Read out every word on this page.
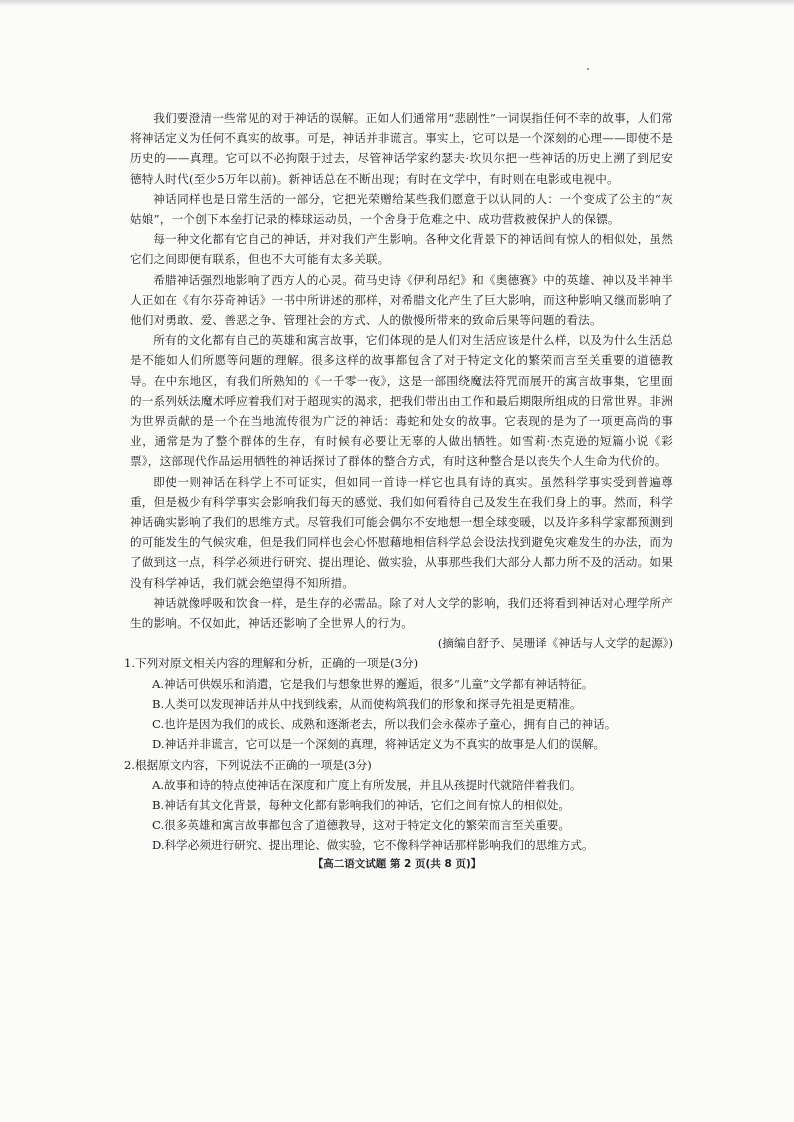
我们要澄清一些常见的对于神话的误解。正如人们通常用“悲剧性”一词误指任何不幸的故事，人们常将神话定义为任何不真实的故事。可是，神话并非谎言。事实上，它可以是一个深刻的心理——即使不是历史的——真理。它可以不必拘限于过去，尽管神话学家约瑟夫·坎贝尔把一些神话的历史上溯了到尼安德特人时代(至少5万年以前)。新神话总在不断出现；有时在文学中，有时则在电影或电视中。

神话同样也是日常生活的一部分，它把光荣赠给某些我们愿意于以认同的人：一个变成了公主的“灰姑娘”，一个创下本垒打记录的棒球运动员，一个舍身于危难之中、成功营救被保护人的保镖。

每一种文化都有它自己的神话，并对我们产生影响。各种文化背景下的神话间有惊人的相似处，虽然它们之间即便有联系，但也不大可能有太多关联。

希腊神话强烈地影响了西方人的心灵。荷马史诗《伊利昂纪》和《奥德赛》中的英雄、神以及半神半人正如在《有尔芬奇神话》一书中所讲述的那样，对希腊文化产生了巨大影响，而这种影响又继而影响了他们对勇敢、爱、善恶之争、管理社会的方式、人的傲慢所带来的致命后果等问题的看法。

所有的文化都有自己的英雄和寓言故事，它们体现的是人们对生活应该是什么样，以及为什么生活总是不能如人们所愿等问题的理解。很多这样的故事都包含了对于特定文化的繁荣而言至关重要的道德教导。在中东地区，有我们所熟知的《一千零一夜》，这是一部围绕魔法符咒而展开的寓言故事集，它里面的一系列妖法魔术呼应着我们对于超现实的渴求，把我们带出由工作和最后期限所组成的日常世界。非洲为世界贡献的是一个在当地流传很为广泛的神话：毒蛇和处女的故事。它表现的是为了一项更高尚的事业，通常是为了整个群体的生存，有时候有必要让无辜的人做出牺牲。如雪莉·杰克逊的短篇小说《彩票》，这部现代作品运用牺牲的神话探讨了群体的整合方式，有时这种整合是以丧失个人生命为代价的。

即使一则神话在科学上不可证实，但如同一首诗一样它也具有诗的真实。虽然科学事实受到普遍尊重，但是极少有科学事实会影响我们每天的感觉、我们如何看待自己及发生在我们身上的事。然而，科学神话确实影响了我们的思维方式。尽管我们可能会偶尔不安地想一想全球变暖，以及许多科学家都预测到的可能发生的气候灾难，但是我们同样也会心怀慰藉地相信科学总会设法找到避免灾难发生的办法，而为了做到这一点，科学必须进行研究、提出理论、做实验，从事那些我们大部分人都力所不及的活动。如果没有科学神话，我们就会绝望得不知所措。

神话就像呼吸和饮食一样，是生存的必需品。除了对人文学的影响，我们还将看到神话对心理学所产生的影响。不仅如此，神话还影响了全世界人的行为。

(摘编自舒予、吴珊译《神话与人文学的起源》)

1.下列对原文相关内容的理解和分析，正确的一项是(3分)

A.神话可供娱乐和消遣，它是我们与想象世界的邂逅，很多“儿童”文学都有神话特征。

B.人类可以发现神话并从中找到线索，从而使构筑我们的形象和探寻先祖是更精准。

C.也许是因为我们的成长、成熟和逐渐老去，所以我们会永葆赤子童心，拥有自己的神话。

D.神话并非谎言，它可以是一个深刻的真理，将神话定义为不真实的故事是人们的误解。

2.根据原文内容，下列说法不正确的一项是(3分)

A.故事和诗的特点使神话在深度和广度上有所发展，并且从孩提时代就陪伴着我们。

B.神话有其文化背景，每种文化都有影响我们的神话，它们之间有惊人的相似处。

C.很多英雄和寓言故事都包含了道德教导，这对于特定文化的繁荣而言至关重要。

D.科学必须进行研究、提出理论、做实验，它不像科学神话那样影响我们的思维方式。

【高二语文试题 第 2 页(共 8 页)】
